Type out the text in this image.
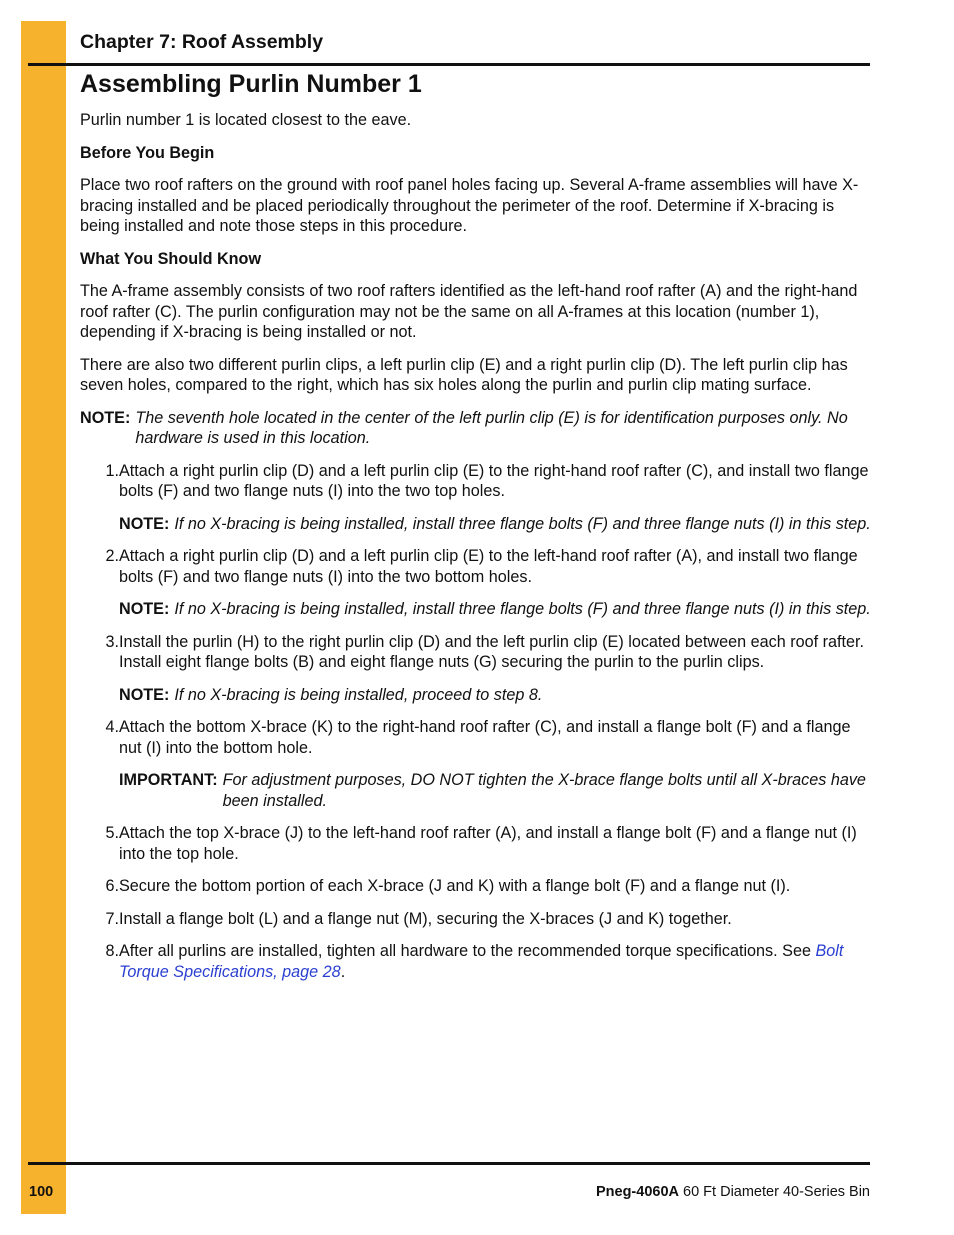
Chapter 7: Roof Assembly
Assembling Purlin Number 1

Purlin number 1 is located closest to the eave.

Before You Begin

Place two roof rafters on the ground with roof panel holes facing up. Several A-frame assemblies will have X-bracing installed and be placed periodically throughout the perimeter of the roof. Determine if X-bracing is being installed and note those steps in this procedure.

What You Should Know

The A-frame assembly consists of two roof rafters identified as the left-hand roof rafter (A) and the right-hand roof rafter (C). The purlin configuration may not be the same on all A-frames at this location (number 1), depending if X-bracing is being installed or not.

There are also two different purlin clips, a left purlin clip (E) and a right purlin clip (D). The left purlin clip has seven holes, compared to the right, which has six holes along the purlin and purlin clip mating surface.

NOTE: The seventh hole located in the center of the left purlin clip (E) is for identification purposes only. No hardware is used in this location.
1. Attach a right purlin clip (D) and a left purlin clip (E) to the right-hand roof rafter (C), and install two flange bolts (F) and two flange nuts (I) into the two top holes.
NOTE: If no X-bracing is being installed, install three flange bolts (F) and three flange nuts (I) in this step.
2. Attach a right purlin clip (D) and a left purlin clip (E) to the left-hand roof rafter (A), and install two flange bolts (F) and two flange nuts (I) into the two bottom holes.
NOTE: If no X-bracing is being installed, install three flange bolts (F) and three flange nuts (I) in this step.
3. Install the purlin (H) to the right purlin clip (D) and the left purlin clip (E) located between each roof rafter. Install eight flange bolts (B) and eight flange nuts (G) securing the purlin to the purlin clips.
NOTE: If no X-bracing is being installed, proceed to step 8.
4. Attach the bottom X-brace (K) to the right-hand roof rafter (C), and install a flange bolt (F) and a flange nut (I) into the bottom hole.
IMPORTANT: For adjustment purposes, DO NOT tighten the X-brace flange bolts until all X-braces have been installed.
5. Attach the top X-brace (J) to the left-hand roof rafter (A), and install a flange bolt (F) and a flange nut (I) into the top hole.
6. Secure the bottom portion of each X-brace (J and K) with a flange bolt (F) and a flange nut (I).
7. Install a flange bolt (L) and a flange nut (M), securing the X-braces (J and K) together.
8. After all purlins are installed, tighten all hardware to the recommended torque specifications. See Bolt Torque Specifications, page 28.
100	Pneg-4060A 60 Ft Diameter 40-Series Bin
